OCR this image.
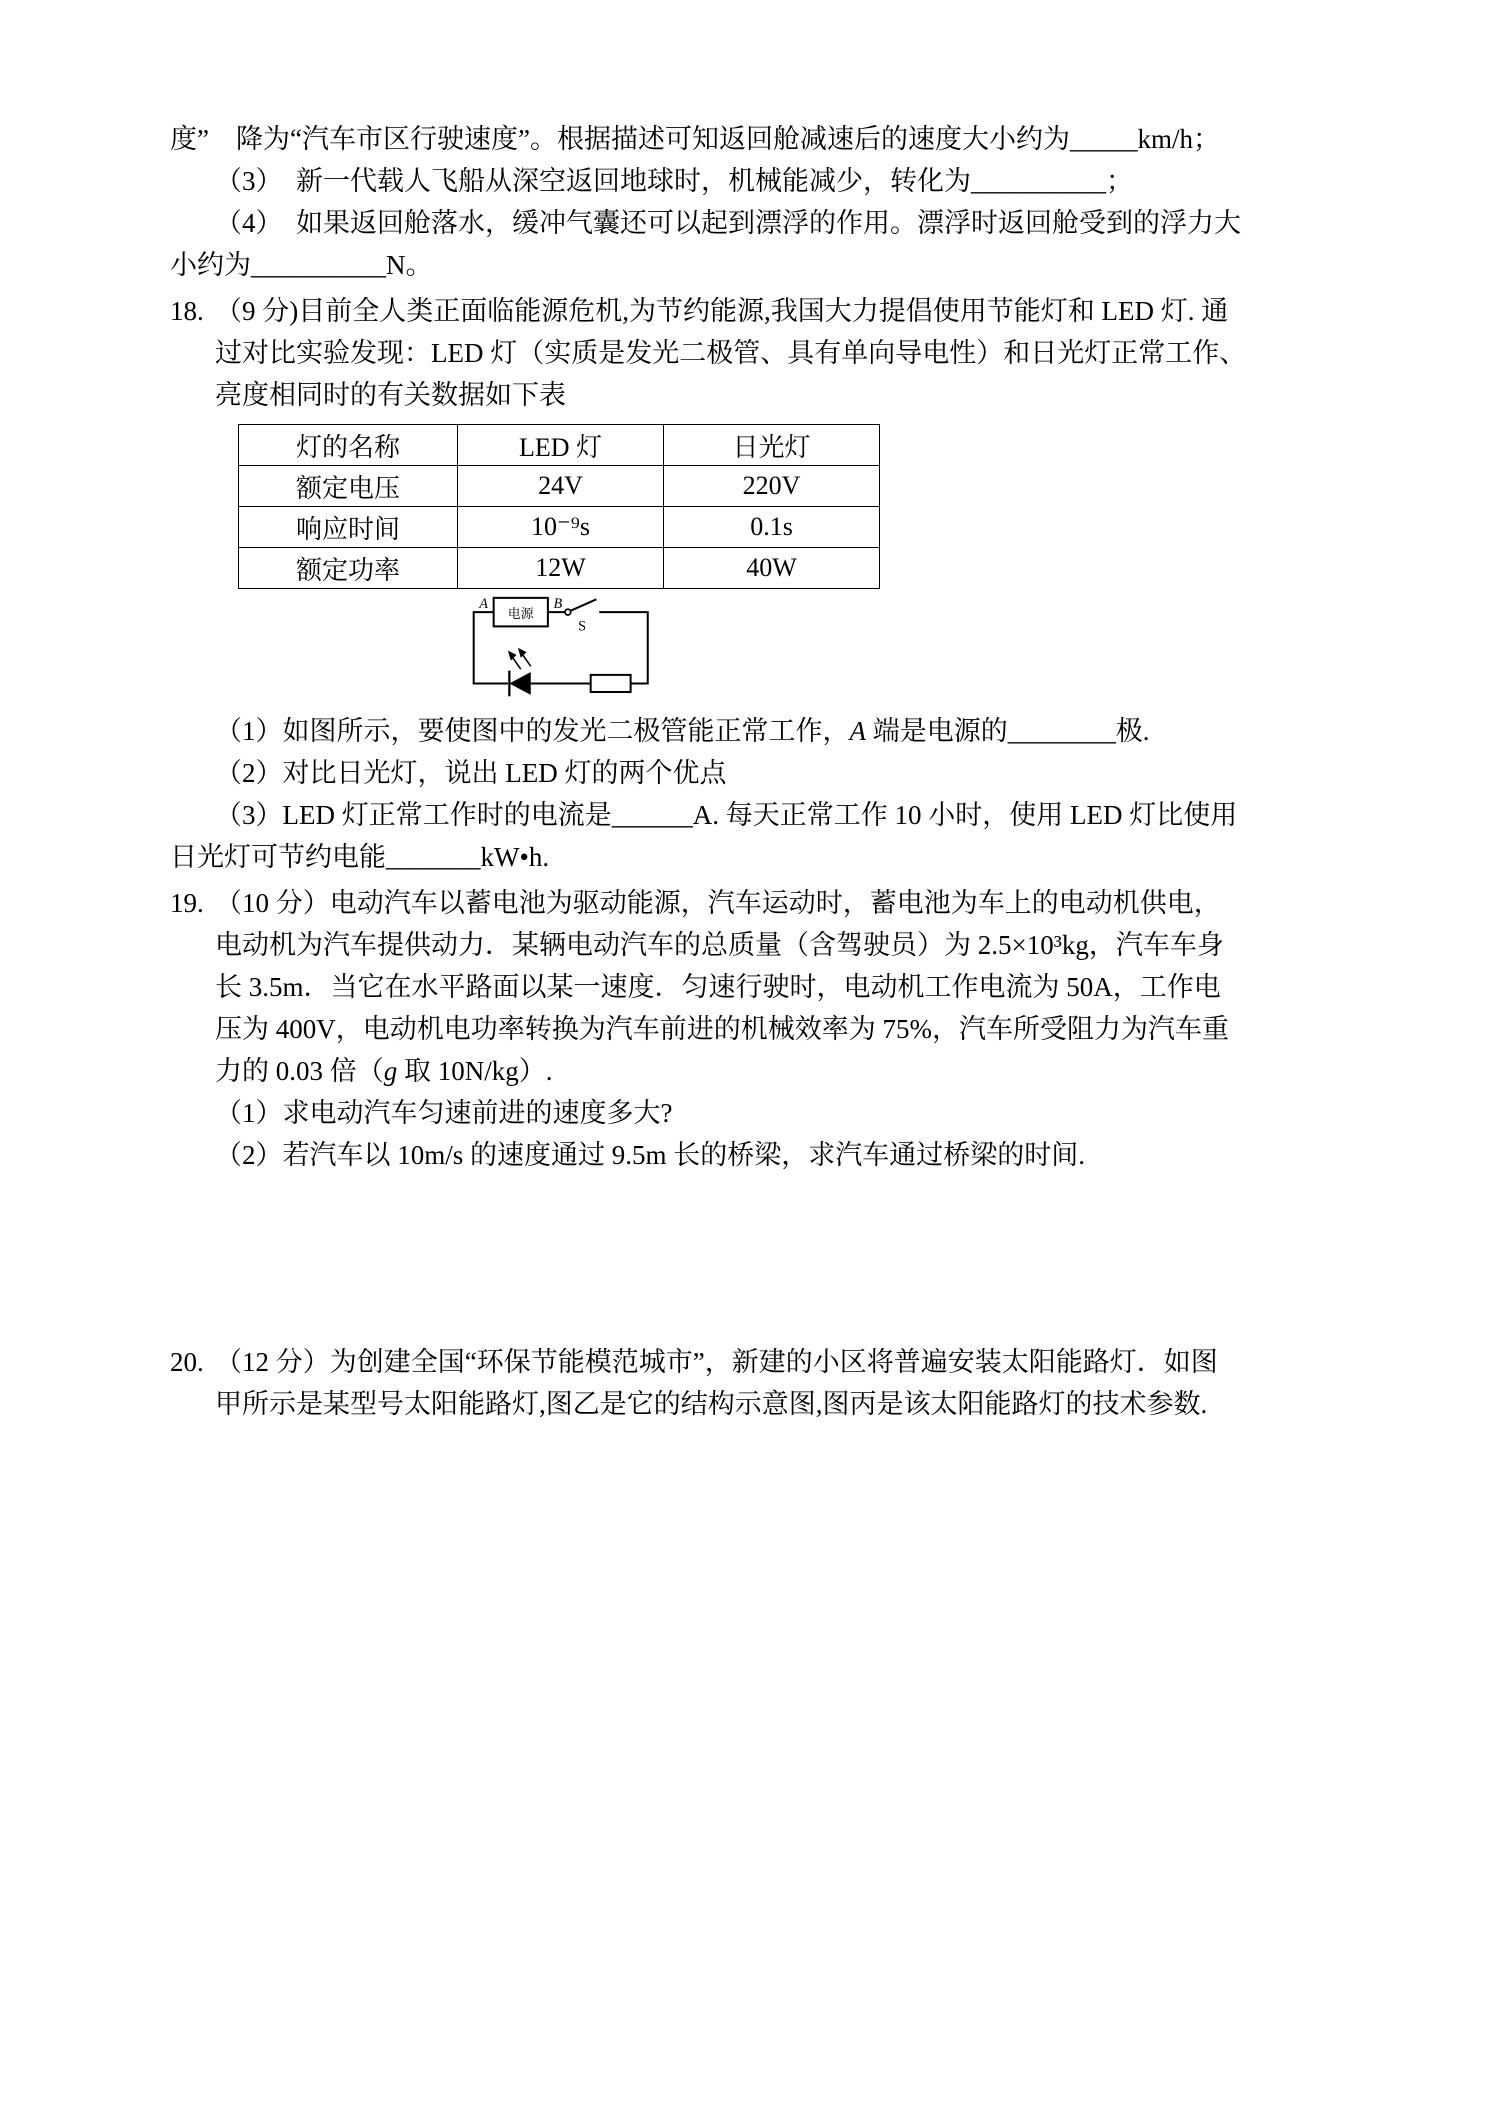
度”　降为“汽车市区行驶速度”。根据描述可知返回舱减速后的速度大小约为_____km/h；

（3）　新一代载人飞船从深空返回地球时，机械能减少，转化为__________；

（4）　如果返回舱落水，缓冲气囊还可以起到漂浮的作用。漂浮时返回舱受到的浮力大

小约为__________N。

18. （9 分)目前全人类正面临能源危机,为节约能源,我国大力提倡使用节能灯和 LED 灯. 通

过对比实验发现：LED 灯（实质是发光二极管、具有单向导电性）和日光灯正常工作、

亮度相同时的有关数据如下表

灯的名称	LED 灯	日光灯
额定电压	24V	220V
响应时间	10⁻⁹s	0.1s
额定功率	12W	40W
A	B
S
电源

（1）如图所示，要使图中的发光二极管能正常工作，A 端是电源的________极.

（2）对比日光灯，说出 LED 灯的两个优点

（3）LED 灯正常工作时的电流是______A. 每天正常工作 10 小时，使用 LED 灯比使用

日光灯可节约电能_______kW•h.

19. （10 分）电动汽车以蓄电池为驱动能源，汽车运动时，蓄电池为车上的电动机供电，

电动机为汽车提供动力．某辆电动汽车的总质量（含驾驶员）为 2.5×10³kg，汽车车身

长 3.5m．当它在水平路面以某一速度．匀速行驶时，电动机工作电流为 50A，工作电

压为 400V，电动机电功率转换为汽车前进的机械效率为 75%，汽车所受阻力为汽车重

力的 0.03 倍（g 取 10N/kg）.

（1）求电动汽车匀速前进的速度多大?

（2）若汽车以 10m/s 的速度通过 9.5m 长的桥梁，求汽车通过桥梁的时间.

20. （12 分）为创建全国“环保节能模范城市”，新建的小区将普遍安装太阳能路灯．如图

甲所示是某型号太阳能路灯,图乙是它的结构示意图,图丙是该太阳能路灯的技术参数.
